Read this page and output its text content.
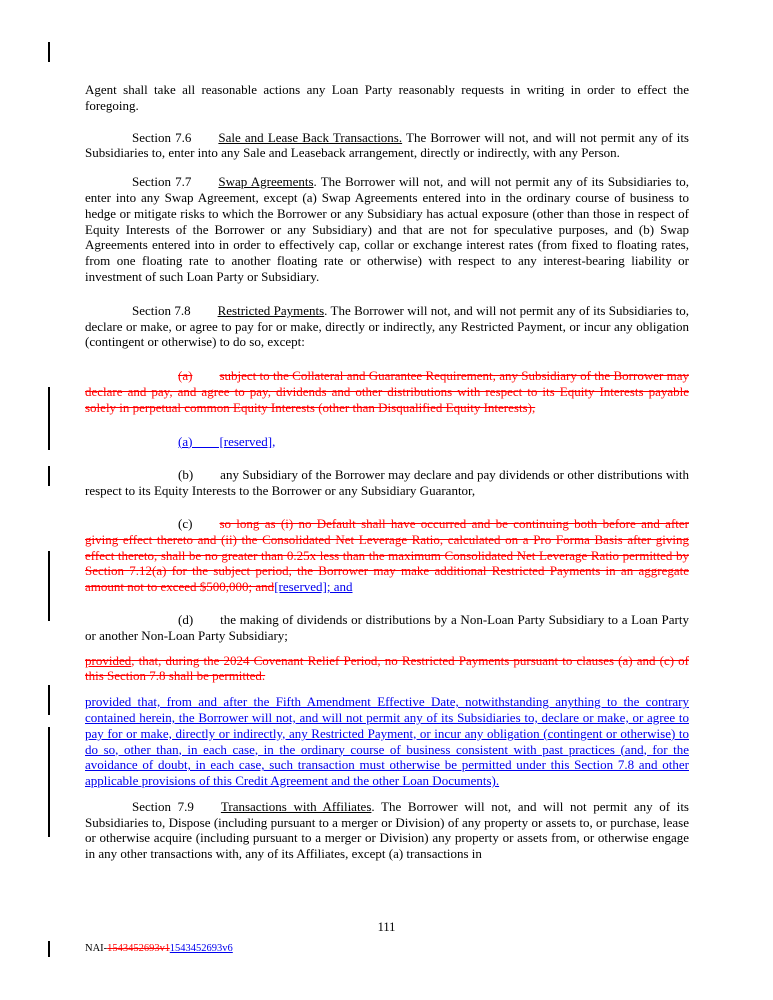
Agent shall take all reasonable actions any Loan Party reasonably requests in writing in order to effect the foregoing.

Section 7.6 Sale and Lease Back Transactions. The Borrower will not, and will not permit any of its Subsidiaries to, enter into any Sale and Leaseback arrangement, directly or indirectly, with any Person.

Section 7.7 Swap Agreements. The Borrower will not, and will not permit any of its Subsidiaries to, enter into any Swap Agreement, except (a) Swap Agreements entered into in the ordinary course of business to hedge or mitigate risks to which the Borrower or any Subsidiary has actual exposure (other than those in respect of Equity Interests of the Borrower or any Subsidiary) and that are not for speculative purposes, and (b) Swap Agreements entered into in order to effectively cap, collar or exchange interest rates (from fixed to floating rates, from one floating rate to another floating rate or otherwise) with respect to any interest-bearing liability or investment of such Loan Party or Subsidiary.

Section 7.8 Restricted Payments. The Borrower will not, and will not permit any of its Subsidiaries to, declare or make, or agree to pay for or make, directly or indirectly, any Restricted Payment, or incur any obligation (contingent or otherwise) to do so, except:

(a) subject to the Collateral and Guarantee Requirement, any Subsidiary of the Borrower may declare and pay, and agree to pay, dividends and other distributions with respect to its Equity Interests payable solely in perpetual common Equity Interests (other than Disqualified Equity Interests),

(a) [reserved],

(b) any Subsidiary of the Borrower may declare and pay dividends or other distributions with respect to its Equity Interests to the Borrower or any Subsidiary Guarantor,

(c) so long as (i) no Default shall have occurred and be continuing both before and after giving effect thereto and (ii) the Consolidated Net Leverage Ratio, calculated on a Pro Forma Basis after giving effect thereto, shall be no greater than 0.25x less than the maximum Consolidated Net Leverage Ratio permitted by Section 7.12(a) for the subject period, the Borrower may make additional Restricted Payments in an aggregate amount not to exceed $500,000; and[reserved]; and

(d) the making of dividends or distributions by a Non-Loan Party Subsidiary to a Loan Party or another Non-Loan Party Subsidiary;

provided, that, during the 2024 Covenant Relief Period, no Restricted Payments pursuant to clauses (a) and (c) of this Section 7.8 shall be permitted.

provided that, from and after the Fifth Amendment Effective Date, notwithstanding anything to the contrary contained herein, the Borrower will not, and will not permit any of its Subsidiaries to, declare or make, or agree to pay for or make, directly or indirectly, any Restricted Payment, or incur any obligation (contingent or otherwise) to do so, other than, in each case, in the ordinary course of business consistent with past practices (and, for the avoidance of doubt, in each case, such transaction must otherwise be permitted under this Section 7.8 and other applicable provisions of this Credit Agreement and the other Loan Documents).

Section 7.9 Transactions with Affiliates. The Borrower will not, and will not permit any of its Subsidiaries to, Dispose (including pursuant to a merger or Division) of any property or assets to, or purchase, lease or otherwise acquire (including pursuant to a merger or Division) any property or assets from, or otherwise engage in any other transactions with, any of its Affiliates, except (a) transactions in

111
NAI-1543452693v11543452693v6
